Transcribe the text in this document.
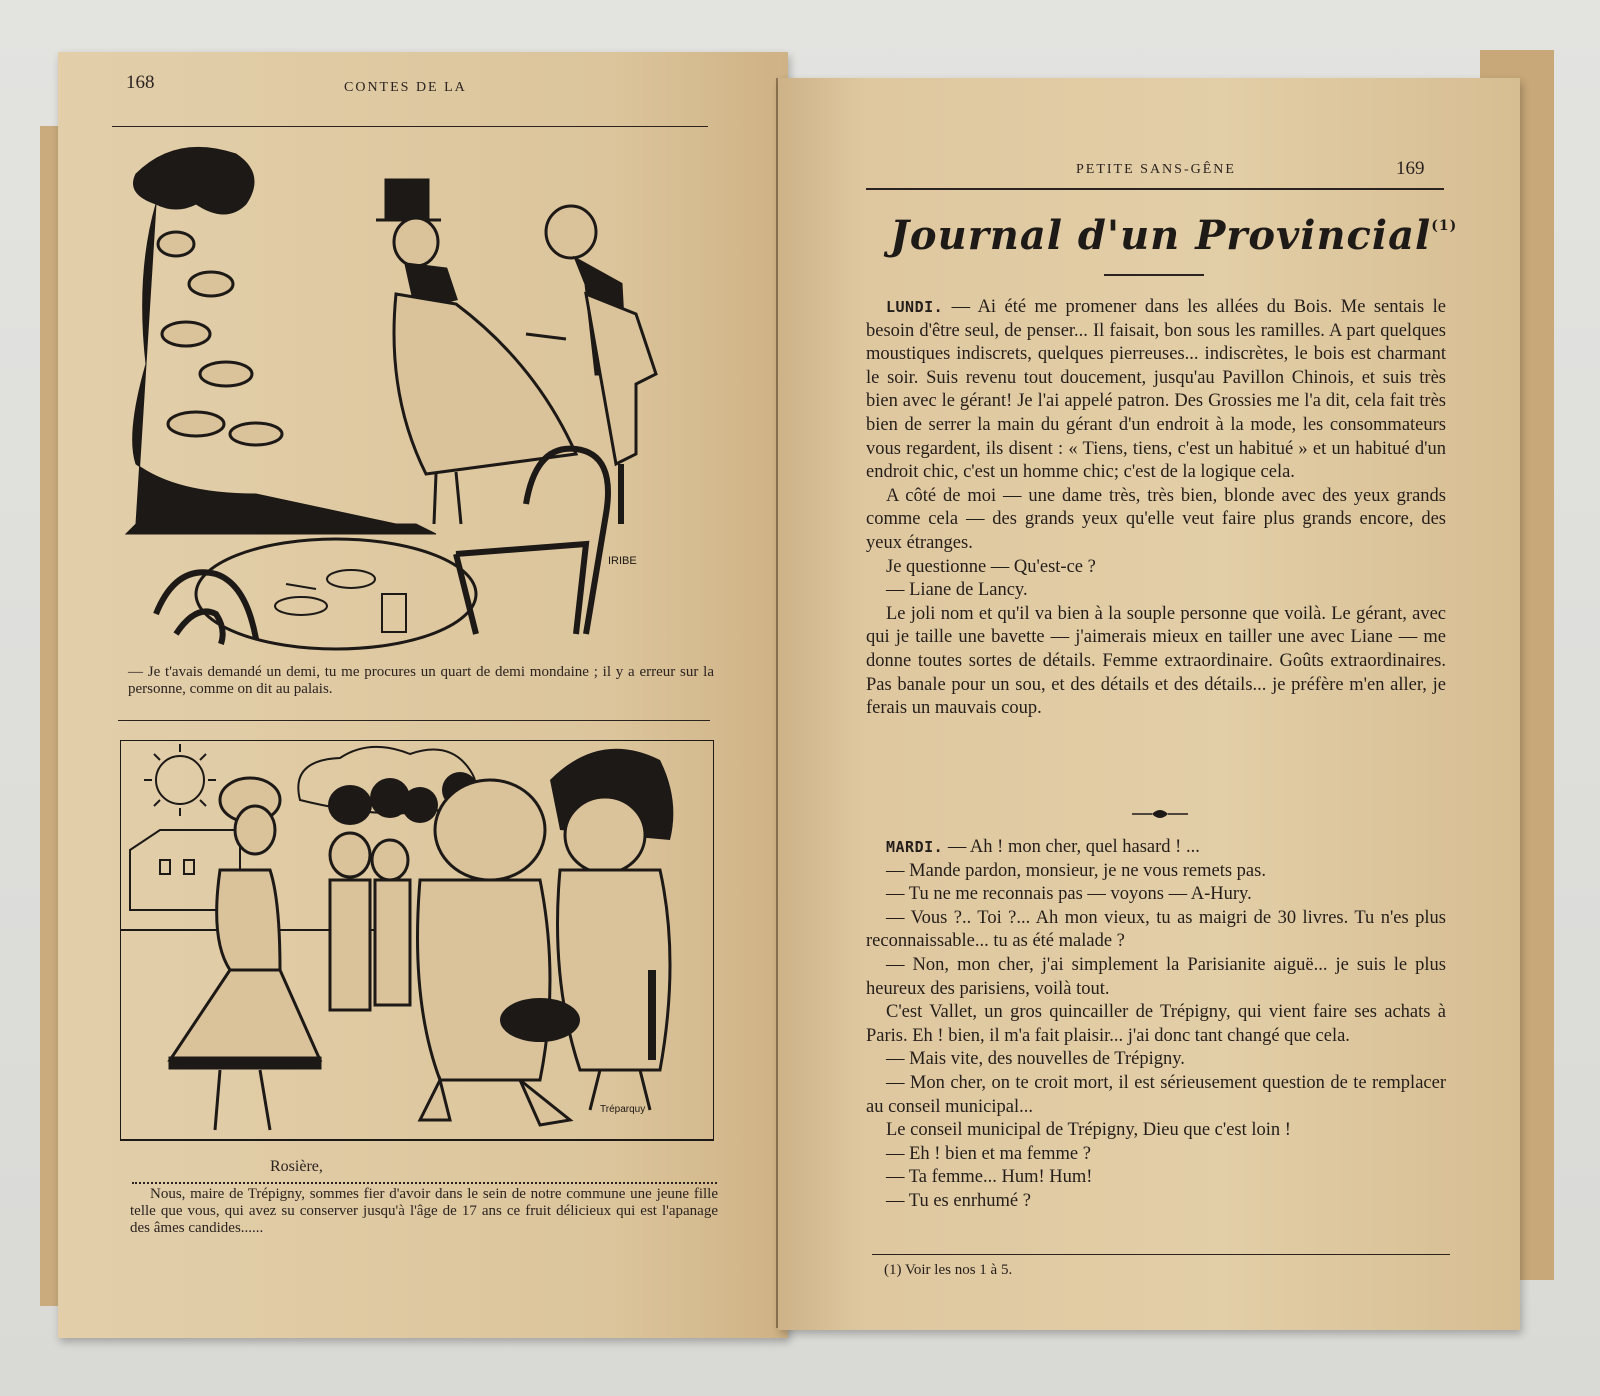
168	CONTES DE LA
IRIBE

— Je t'avais demandé un demi, tu me procures un quart de demi mondaine ; il y a erreur sur la personne, comme on dit au palais.

Tréparquy
Rosière,

Nous, maire de Trépigny, sommes fier d'avoir dans le sein de notre commune une jeune fille telle que vous, qui avez su conserver jusqu'à l'âge de 17 ans ce fruit délicieux qui est l'apanage des âmes candides......

PETITE SANS-GÊNE	169
Journal d'un Provincial$^{(1)}$

LUNDI. — Ai été me promener dans les allées du Bois. Me sentais le besoin d'être seul, de penser... Il faisait, bon sous les ramilles. A part quelques moustiques indiscrets, quelques pierreuses... indiscrètes, le bois est charmant le soir. Suis revenu tout doucement, jusqu'au Pavillon Chinois, et suis très bien avec le gérant! Je l'ai appelé patron. Des Grossies me l'a dit, cela fait très bien de serrer la main du gérant d'un endroit à la mode, les consommateurs vous regardent, ils disent : « Tiens, tiens, c'est un habitué » et un habitué d'un endroit chic, c'est un homme chic; c'est de la logique cela.

A côté de moi — une dame très, très bien, blonde avec des yeux grands comme cela — des grands yeux qu'elle veut faire plus grands encore, des yeux étranges.

Je questionne — Qu'est-ce ?

— Liane de Lancy.

Le joli nom et qu'il va bien à la souple personne que voilà. Le gérant, avec qui je taille une bavette — j'aimerais mieux en tailler une avec Liane — me donne toutes sortes de détails. Femme extraordinaire. Goûts extraordinaires. Pas banale pour un sou, et des détails et des détails... je préfère m'en aller, je ferais un mauvais coup.

MARDI. — Ah ! mon cher, quel hasard ! ...

— Mande pardon, monsieur, je ne vous remets pas.

— Tu ne me reconnais pas — voyons — A-Hury.

— Vous ?.. Toi ?... Ah mon vieux, tu as maigri de 30 livres. Tu n'es plus reconnaissable... tu as été malade ?

— Non, mon cher, j'ai simplement la Parisianite aiguë... je suis le plus heureux des parisiens, voilà tout.

C'est Vallet, un gros quincailler de Trépigny, qui vient faire ses achats à Paris. Eh ! bien, il m'a fait plaisir... j'ai donc tant changé que cela.

— Mais vite, des nouvelles de Trépigny.

— Mon cher, on te croit mort, il est sérieusement question de te remplacer au conseil municipal...

Le conseil municipal de Trépigny, Dieu que c'est loin !

— Eh ! bien et ma femme ?

— Ta femme... Hum! Hum!

— Tu es enrhumé ?

(1) Voir les nos 1 à 5.
